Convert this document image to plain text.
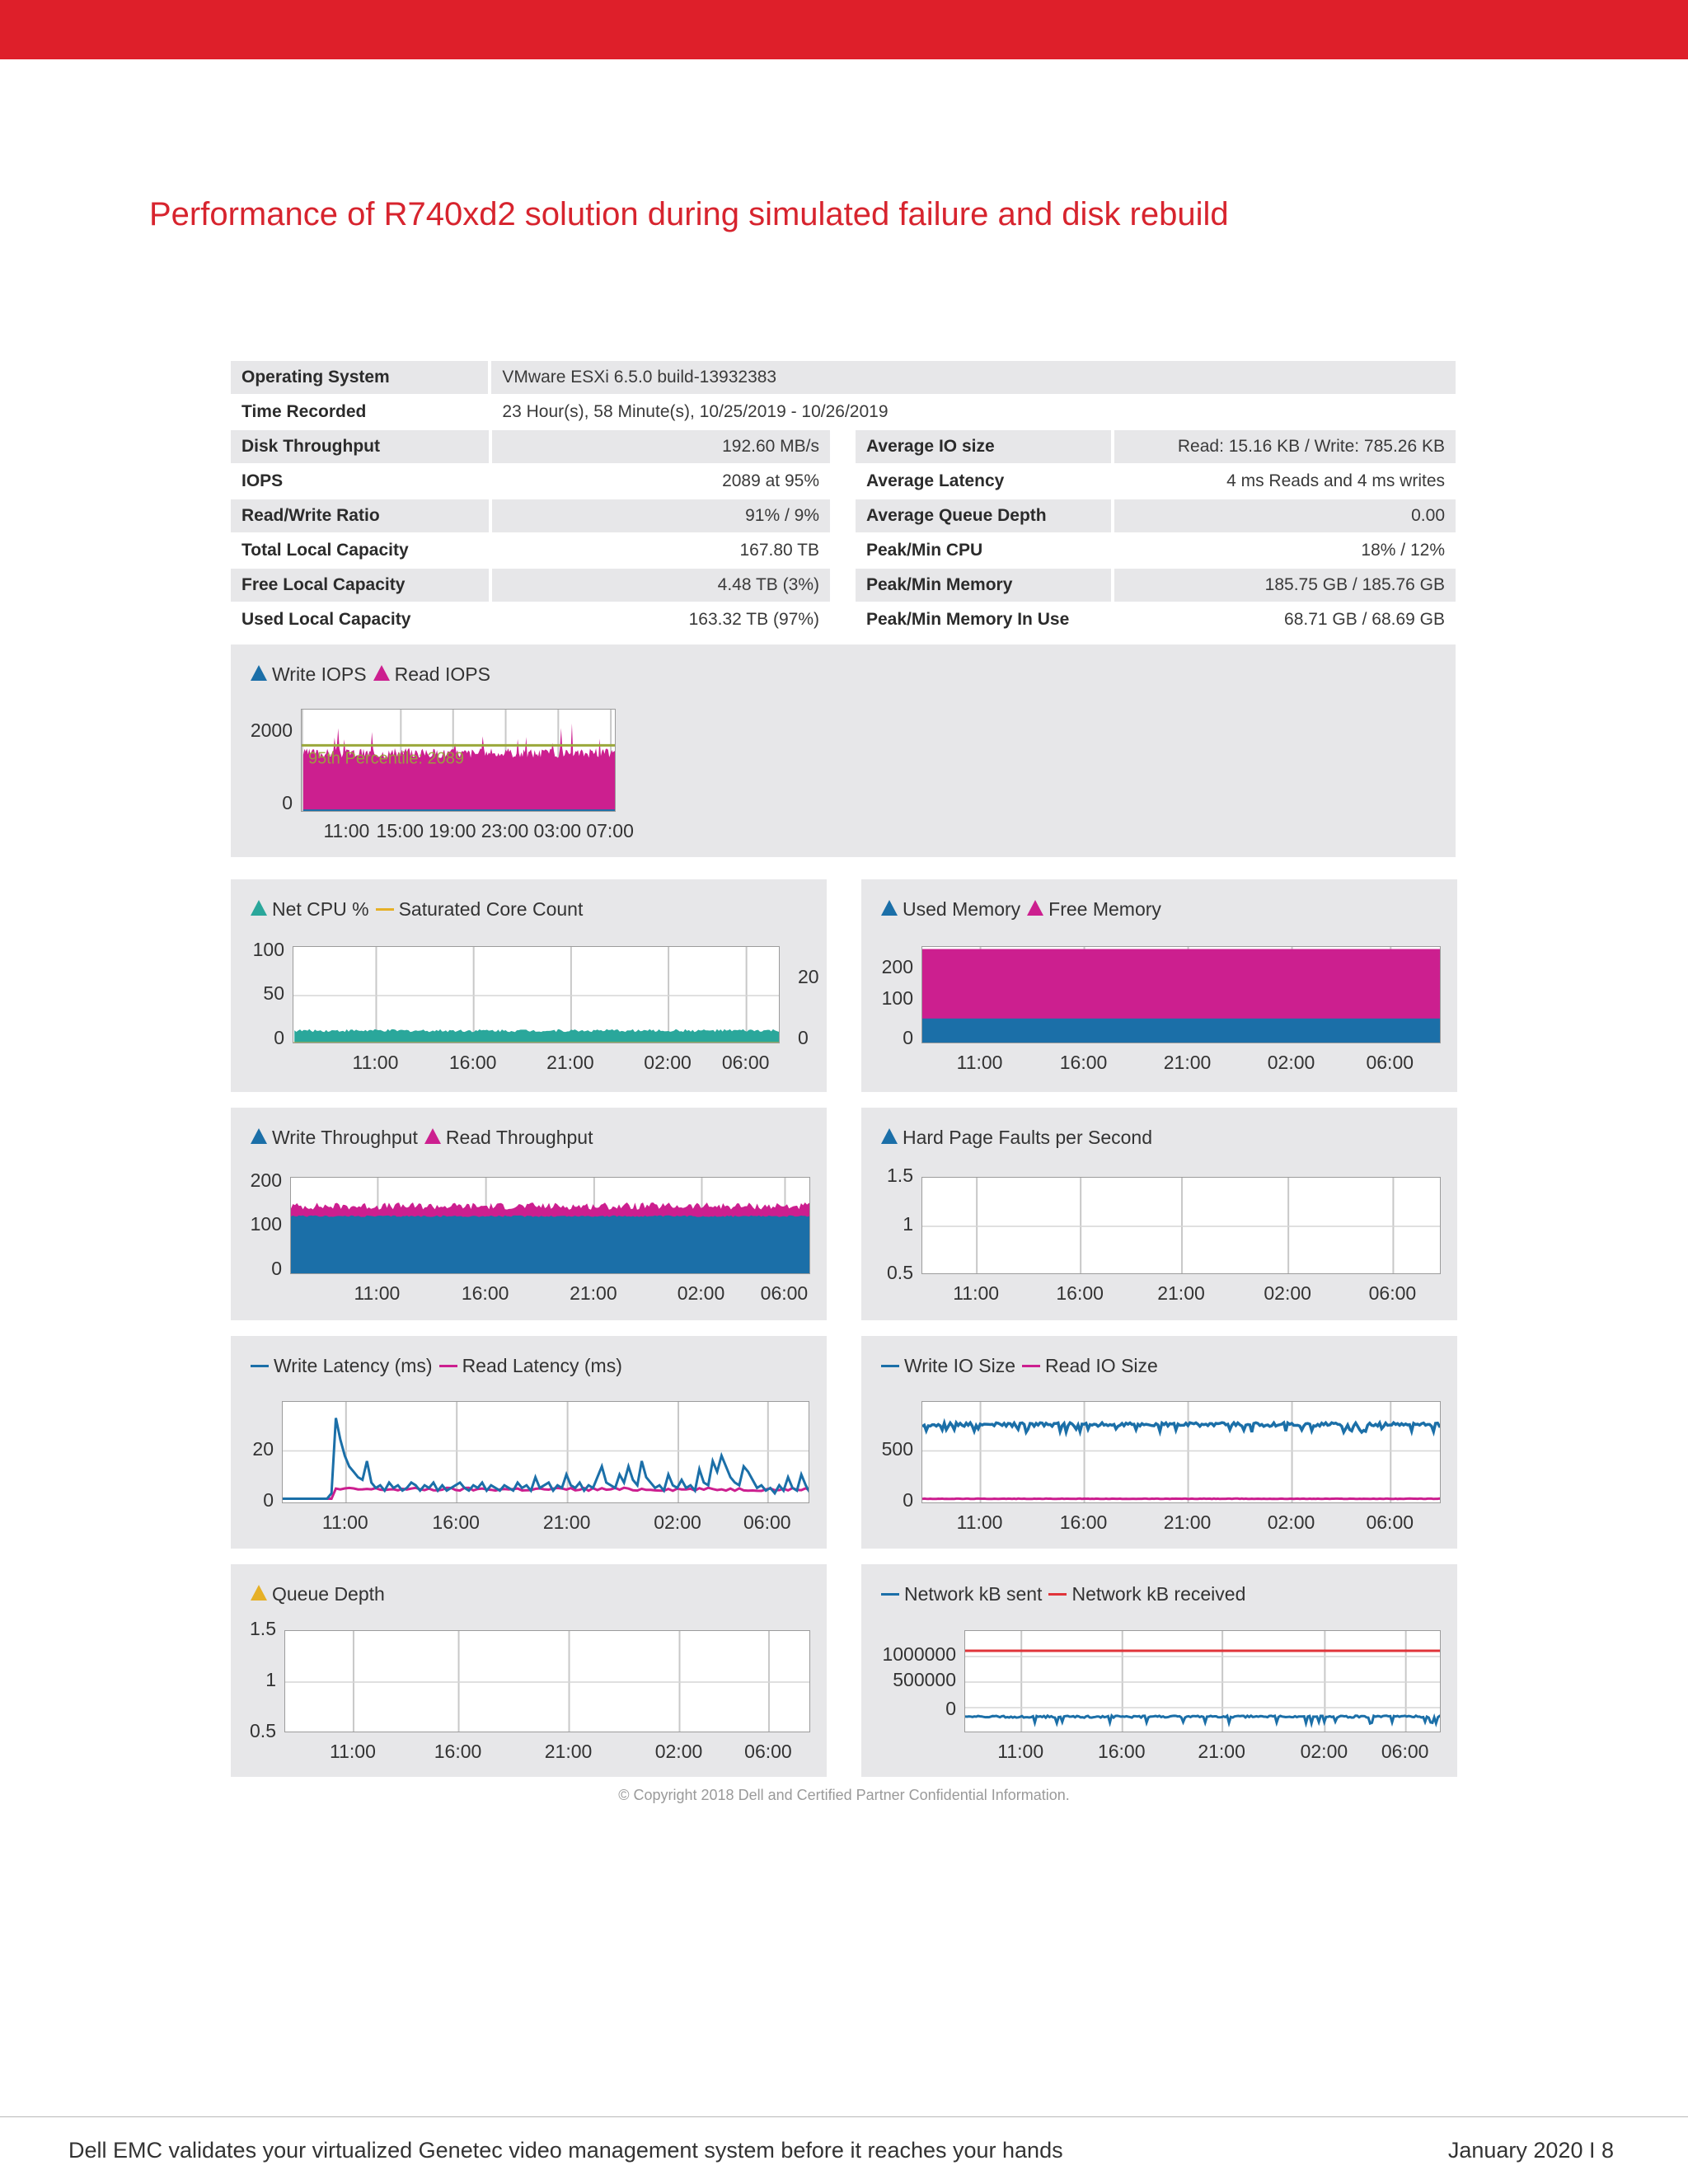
Performance of R740xd2 solution during simulated failure and disk rebuild
Operating System	VMware ESXi 6.5.0 build-13932383
Time Recorded	23 Hour(s), 58 Minute(s), 10/25/2019 - 10/26/2019
Disk Throughput	192.60 MB/s	Average IO size	Read: 15.16 KB / Write: 785.26 KB
IOPS	2089 at 95%	Average Latency	4 ms Reads and 4 ms writes
Read/Write Ratio	91% / 9%	Average Queue Depth	0.00
Total Local Capacity	167.80 TB	Peak/Min CPU	18% / 12%
Free Local Capacity	4.48 TB (3%)	Peak/Min Memory	185.75 GB / 185.76 GB
Used Local Capacity	163.32 TB (97%)	Peak/Min Memory In Use	68.71 GB / 68.69 GB
Write IOPS Read IOPS
95th Percentile: 2089
2000
0
11:00 15:00 19:00 23:00 03:00 07:00
Net CPU % Saturated Core Count
100
50
0
20
0
11:00	16:00	21:00	02:00 06:00
Used Memory Free Memory
200
100
0
11:00	16:00	21:00	02:00	06:00
Write Throughput Read Throughput
200
100
0
11:00	16:00	21:00	02:00 06:00
Hard Page Faults per Second
1.5
1
0.5
11:00	16:00	21:00	02:00	06:00
Write Latency (ms) Read Latency (ms)
20
0
11:00	16:00	21:00	02:00 06:00
Write IO Size Read IO Size
500
0
11:00	16:00	21:00	02:00	06:00
Queue Depth
1.5
1
0.5
11:00	16:00	21:00	02:00 06:00
Network kB sent Network kB received
1000000
500000
0
11:00	16:00	21:00	02:00 06:00
© Copyright 2018 Dell and Certified Partner Confidential Information.
Dell EMC validates your virtualized Genetec video management system before it reaches your hands	January 2020 I 8
